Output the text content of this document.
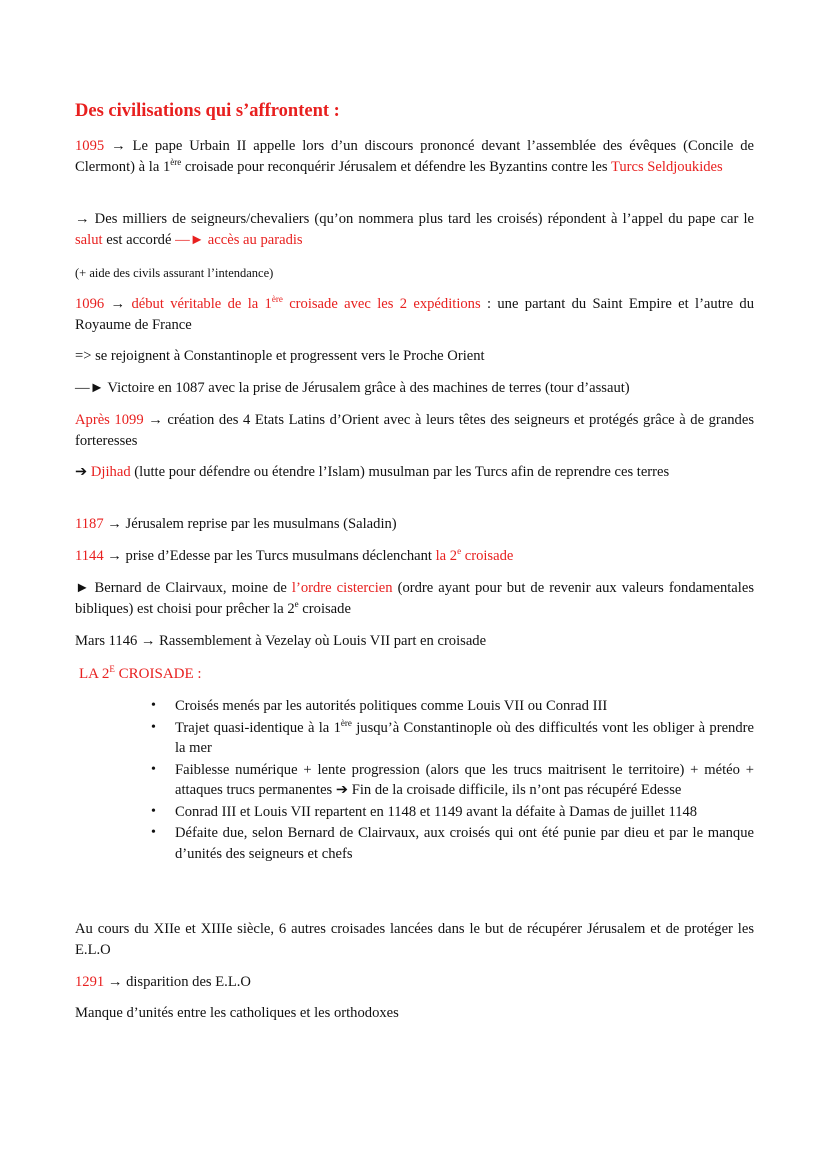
Des civilisations qui s’affrontent :

1095 → Le pape Urbain II appelle lors d’un discours prononcé devant l’assemblée des évêques (Concile de Clermont) à la 1ère croisade pour reconquérir Jérusalem et défendre les Byzantins contre les Turcs Seldjoukides

→ Des milliers de seigneurs/chevaliers (qu’on nommera plus tard les croisés) répondent à l’appel du pape car le salut est accordé —► accès au paradis

(+ aide des civils assurant l’intendance)

1096 → début véritable de la 1ère croisade avec les 2 expéditions : une partant du Saint Empire et l’autre du Royaume de France

=> se rejoignent à Constantinople et progressent vers le Proche Orient

—► Victoire en 1087 avec la prise de Jérusalem grâce à des machines de terres (tour d’assaut)

Après 1099 → création des 4 Etats Latins d’Orient avec à leurs têtes des seigneurs et protégés grâce à de grandes forteresses

➔ Djihad (lutte pour défendre ou étendre l’Islam) musulman par les Turcs afin de reprendre ces terres

1187 → Jérusalem reprise par les musulmans (Saladin)

1144 → prise d’Edesse par les Turcs musulmans déclenchant la 2e croisade

► Bernard de Clairvaux, moine de l’ordre cistercien (ordre ayant pour but de revenir aux valeurs fondamentales bibliques) est choisi pour prêcher la 2e croisade

Mars 1146 → Rassemblement à Vezelay où Louis VII part en croisade

LA $2^E$ CROISADE :

• Croisés menés par les autorités politiques comme Louis VII ou Conrad III
• Trajet quasi-identique à la 1ère jusqu’à Constantinople où des difficultés vont les obliger à prendre la mer
• Faiblesse numérique + lente progression (alors que les trucs maitrisent le territoire) + météo + attaques trucs permanentes ➔ Fin de la croisade difficile, ils n’ont pas récupéré Edesse
• Conrad III et Louis VII repartent en 1148 et 1149 avant la défaite à Damas de juillet 1148
• Défaite due, selon Bernard de Clairvaux, aux croisés qui ont été punie par dieu et par le manque d’unités des seigneurs et chefs

Au cours du XIIe et XIIIe siècle, 6 autres croisades lancées dans le but de récupérer Jérusalem et de protéger les E.L.O

1291 → disparition des E.L.O

Manque d’unités entre les catholiques et les orthodoxes
